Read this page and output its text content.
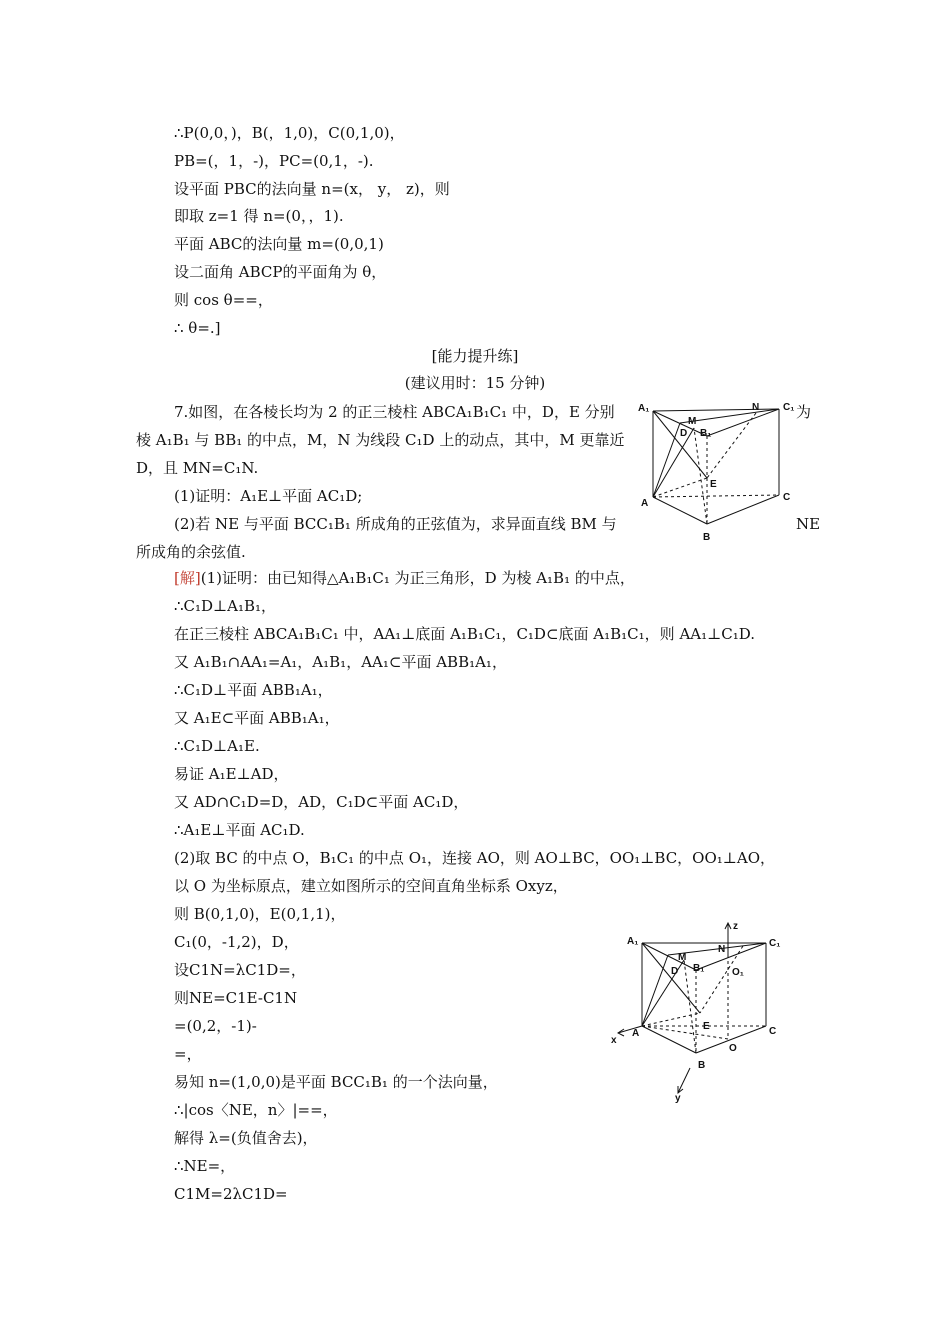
∴P(0,0，)，B(，1,0)，C(0,1,0)，
PB=(，1，-)，PC=(0,1，-).
设平面 PBC的法向量 n=(x， y， z)，则
即取 z=1 得 n=(0，，1).
平面 ABC的法向量 m=(0,0,1)
设二面角 ABCP的平面角为 θ，
则 cos θ==，
∴ θ=.]
[能力提升练]
(建议用时：15 分钟)
7.如图，在各棱长均为 2 的正三棱柱 ABCA₁B₁C₁ 中，D，E 分别
棱 A₁B₁ 与 BB₁ 的中点，M，N 为线段 C₁D 上的动点，其中，M 更靠近
D，且 MN=C₁N.
(1)证明：A₁E⊥平面 AC₁D;
(2)若 NE 与平面 BCC₁B₁ 所成角的正弦值为，求异面直线 BM 与
所成角的余弦值.
为
NE
A₁	C₁
N
M
D B₁
E
A
C
B
[解](1)证明：由已知得△A₁B₁C₁ 为正三角形，D 为棱 A₁B₁ 的中点，
∴C₁D⊥A₁B₁，
在正三棱柱 ABCA₁B₁C₁ 中，AA₁⊥底面 A₁B₁C₁，C₁D⊂底面 A₁B₁C₁，则 AA₁⊥C₁D.
又 A₁B₁∩AA₁=A₁，A₁B₁，AA₁⊂平面 ABB₁A₁，
∴C₁D⊥平面 ABB₁A₁，
又 A₁E⊂平面 ABB₁A₁，
∴C₁D⊥A₁E.
易证 A₁E⊥AD，
又 AD∩C₁D=D，AD，C₁D⊂平面 AC₁D，
∴A₁E⊥平面 AC₁D.
(2)取 BC 的中点 O，B₁C₁ 的中点 O₁，连接 AO，则 AO⊥BC，OO₁⊥BC，OO₁⊥AO，
以 O 为坐标原点，建立如图所示的空间直角坐标系 Oxyz，
则 B(0,1,0)，E(0,1,1)，
C₁(0，-1,2)，D，
设C1N=λC1D=，
则NE=C1E-C1N
=(0,2，-1)-
=，
易知 n=(1,0,0)是平面 BCC₁B₁ 的一个法向量，
∴|cos〈NE，n〉|==，
解得 λ=(负值舍去)，
∴NE=，
C1M=2λC1D=
z
A₁	C₁
N
M
D B₁	O₁
E
x
A	C
O
B
y
